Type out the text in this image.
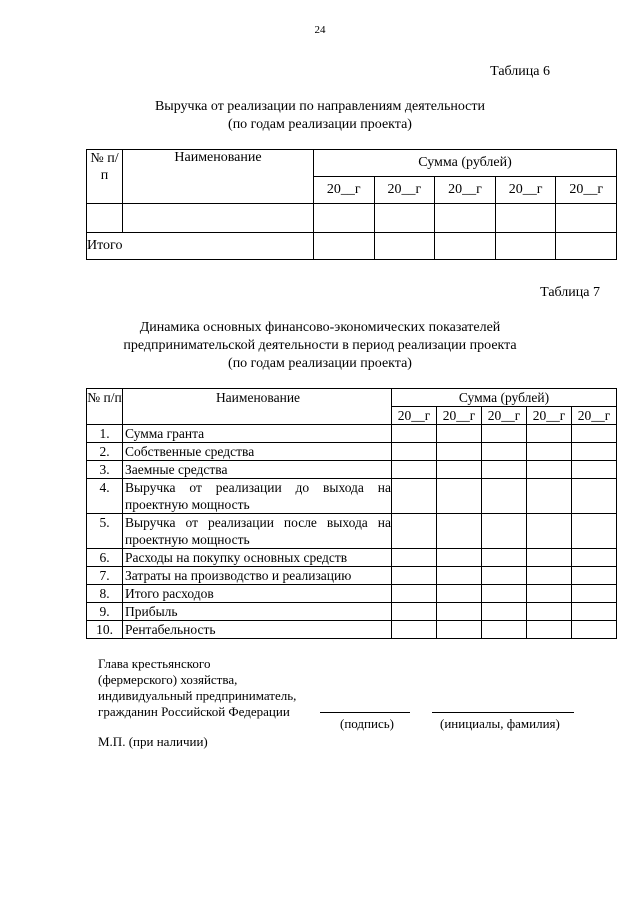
24
Таблица 6
Выручка от реализации по направлениям деятельности
(по годам реализации проекта)
№ п/п	Наименование	Сумма (рублей)				
		20__г	20__г	20__г	20__г	20__г

Итого						
Таблица 7
Динамика основных финансово-экономических показателей
предпринимательской деятельности в период реализации проекта
(по годам реализации проекта)
№ п/п	Наименование	Сумма (рублей)				
		20__г	20__г	20__г	20__г	20__г
1.	Сумма гранта					
2.	Собственные средства					
3.	Заемные средства					
4.	Выручка от реализации до выхода на проектную мощность					
5.	Выручка от реализации после выхода на проектную мощность					
6.	Расходы на покупку основных средств					
7.	Затраты на производство и реализацию					
8.	Итого расходов					
9.	Прибыль					
10.	Рентабельность					
Глава крестьянского
(фермерского) хозяйства,
индивидуальный предприниматель,
гражданин Российской Федерации
(подпись)	(инициалы, фамилия)
М.П. (при наличии)
